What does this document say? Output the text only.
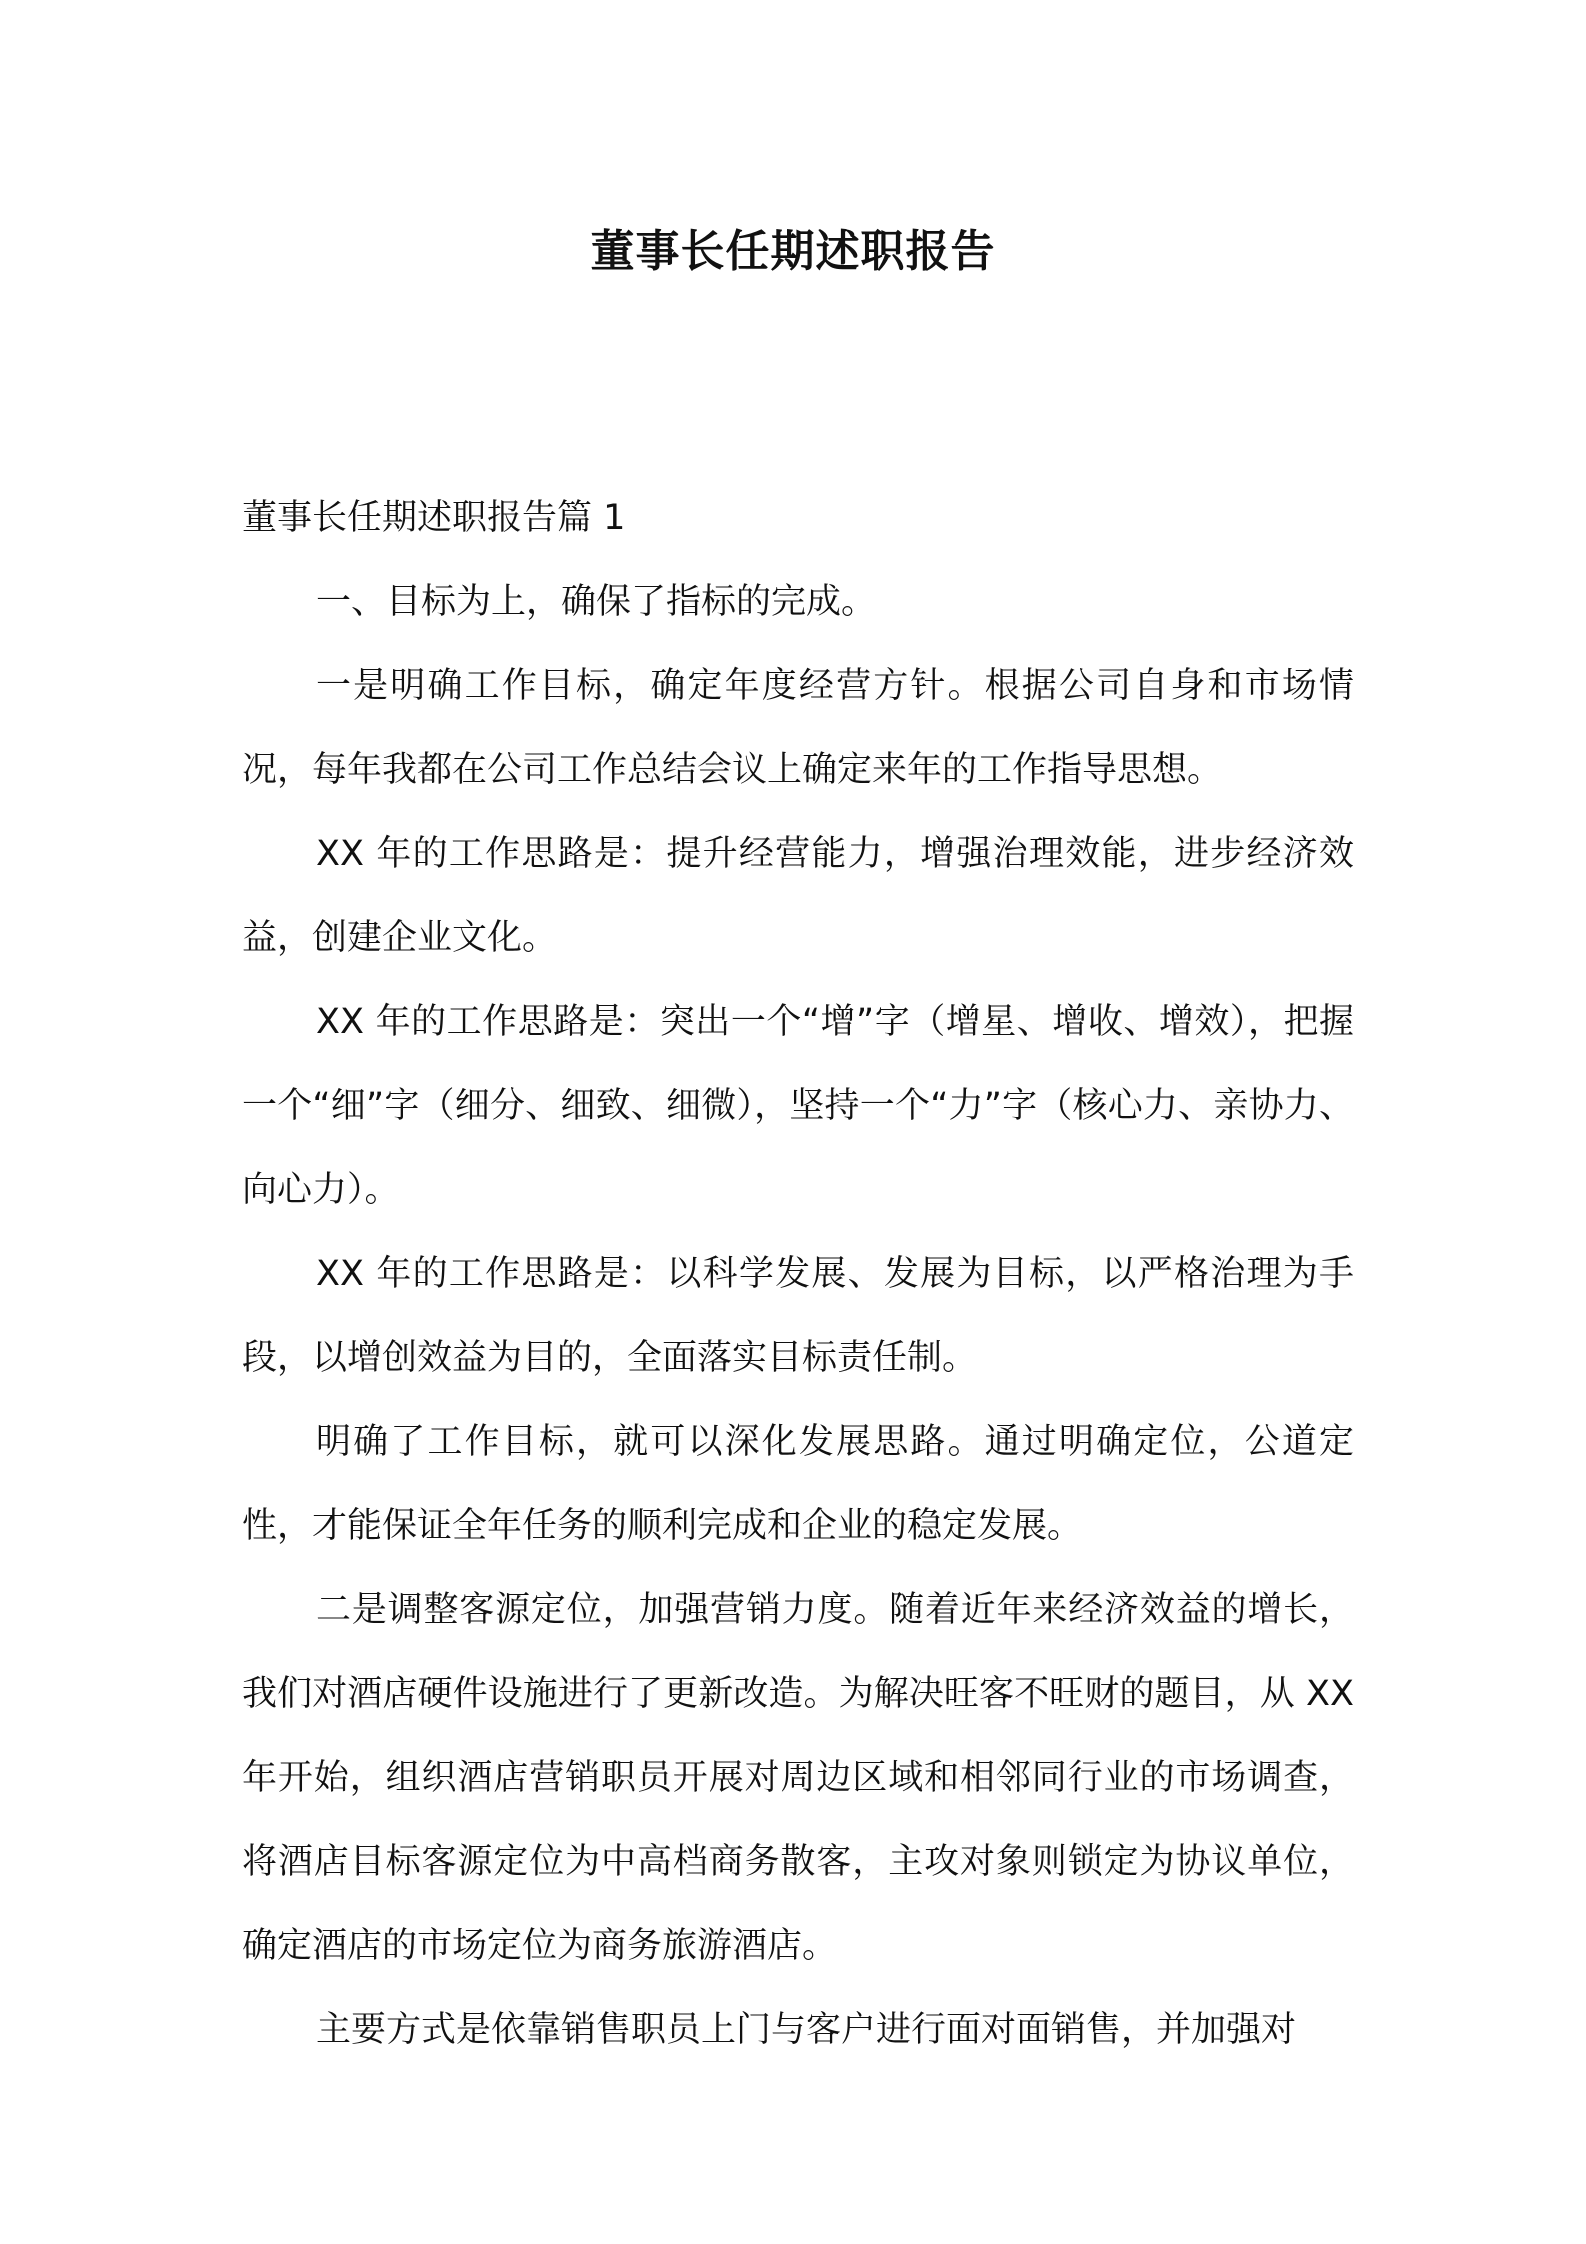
董事长任期述职报告

董事长任期述职报告篇 1

一、目标为上，确保了指标的完成。

一是明确工作目标，确定年度经营方针。根据公司自身和市场情况，每年我都在公司工作总结会议上确定来年的工作指导思想。

XX 年的工作思路是：提升经营能力，增强治理效能，进步经济效益，创建企业文化。

XX 年的工作思路是：突出一个“增”字（增星、增收、增效），把握一个“细”字（细分、细致、细微），坚持一个“力”字（核心力、亲协力、向心力）。

XX 年的工作思路是：以科学发展、发展为目标，以严格治理为手段，以增创效益为目的，全面落实目标责任制。

明确了工作目标，就可以深化发展思路。通过明确定位，公道定性，才能保证全年任务的顺利完成和企业的稳定发展。

二是调整客源定位，加强营销力度。随着近年来经济效益的增长，我们对酒店硬件设施进行了更新改造。为解决旺客不旺财的题目，从 XX 年开始，组织酒店营销职员开展对周边区域和相邻同行业的市场调查，将酒店目标客源定位为中高档商务散客，主攻对象则锁定为协议单位，确定酒店的市场定位为商务旅游酒店。

主要方式是依靠销售职员上门与客户进行面对面销售，并加强对
